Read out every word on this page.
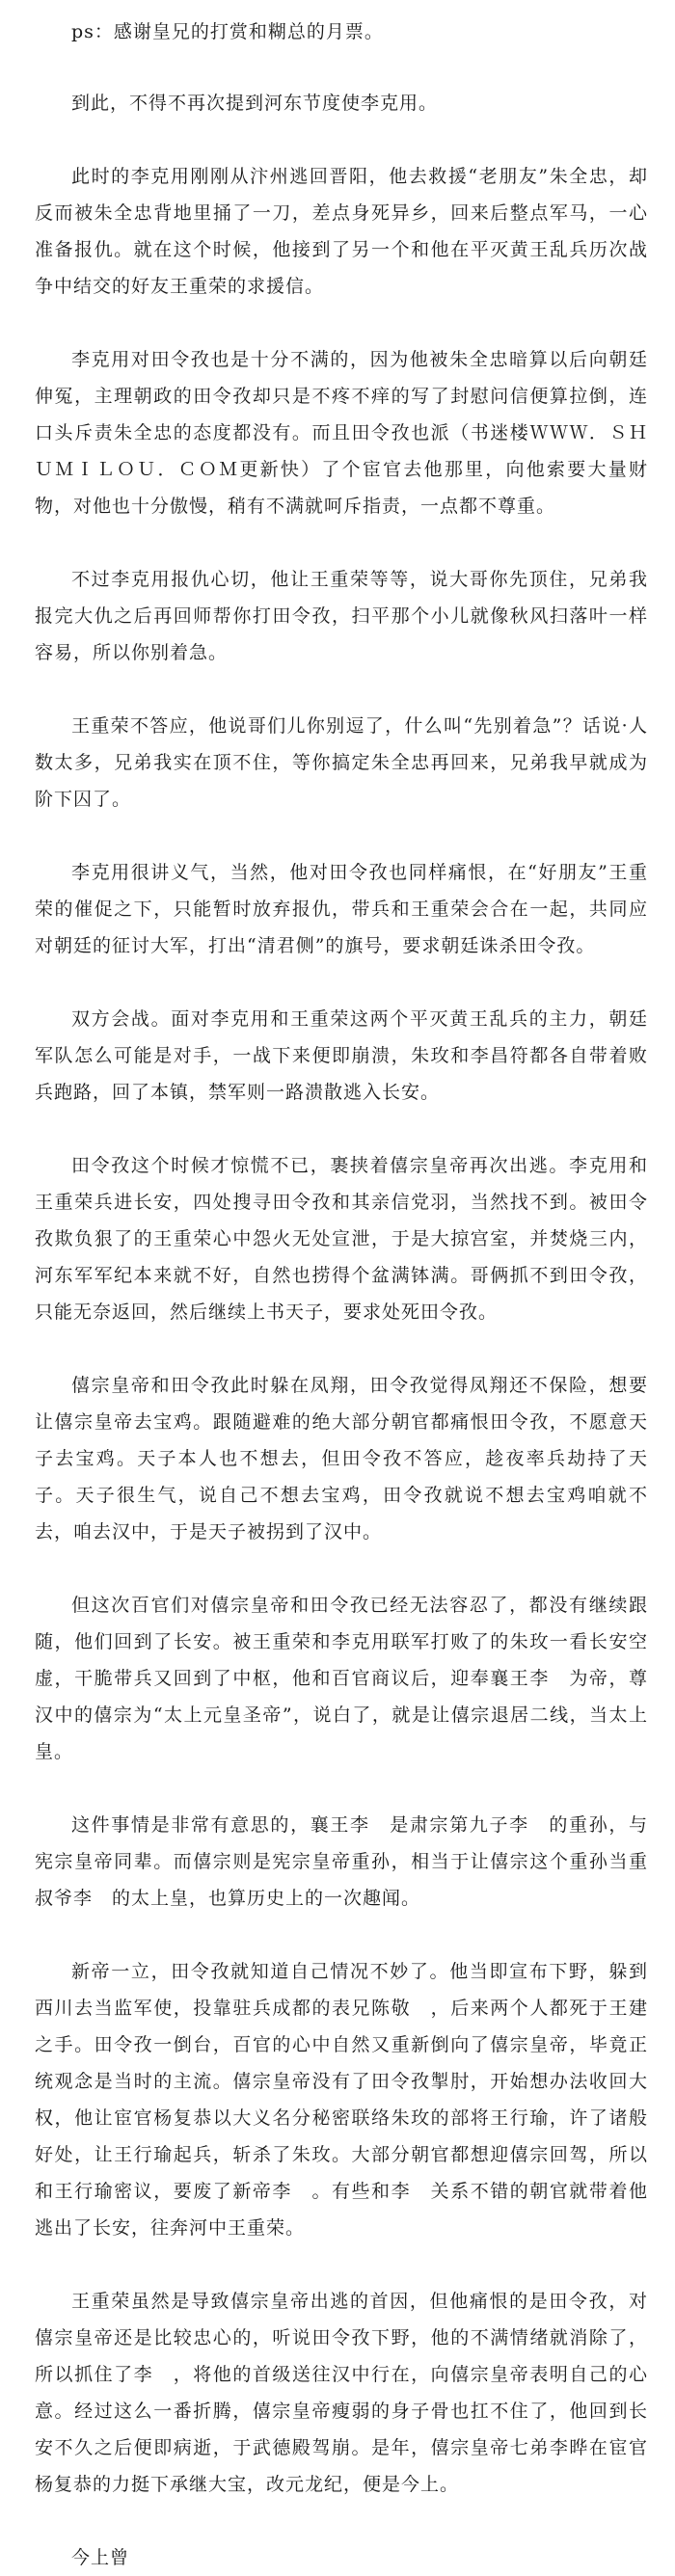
ps：感谢皇兄的打赏和糊总的月票。

到此，不得不再次提到河东节度使李克用。

此时的李克用刚刚从汴州逃回晋阳，他去救援“老朋友”朱全忠，却反而被朱全忠背地里捅了一刀，差点身死异乡，回来后整点军马，一心准备报仇。就在这个时候，他接到了另一个和他在平灭黄王乱兵历次战争中结交的好友王重荣的求援信。

李克用对田令孜也是十分不满的，因为他被朱全忠暗算以后向朝廷伸冤，主理朝政的田令孜却只是不疼不痒的写了封慰问信便算拉倒，连口头斥责朱全忠的态度都没有。而且田令孜也派（书迷楼ＷＷＷ．ＳＨＵＭＩＬＯＵ．ＣＯＭ更新快）了个宦官去他那里，向他索要大量财物，对他也十分傲慢，稍有不满就呵斥指责，一点都不尊重。

不过李克用报仇心切，他让王重荣等等，说大哥你先顶住，兄弟我报完大仇之后再回师帮你打田令孜，扫平那个小儿就像秋风扫落叶一样容易，所以你别着急。

王重荣不答应，他说哥们儿你别逗了，什么叫“先别着急”？话说·人数太多，兄弟我实在顶不住，等你搞定朱全忠再回来，兄弟我早就成为阶下囚了。

李克用很讲义气，当然，他对田令孜也同样痛恨，在“好朋友”王重荣的催促之下，只能暂时放弃报仇，带兵和王重荣会合在一起，共同应对朝廷的征讨大军，打出“清君侧”的旗号，要求朝廷诛杀田令孜。

双方会战。面对李克用和王重荣这两个平灭黄王乱兵的主力，朝廷军队怎么可能是对手，一战下来便即崩溃，朱玫和李昌符都各自带着败兵跑路，回了本镇，禁军则一路溃散逃入长安。

田令孜这个时候才惊慌不已，裹挟着僖宗皇帝再次出逃。李克用和王重荣兵进长安，四处搜寻田令孜和其亲信党羽，当然找不到。被田令孜欺负狠了的王重荣心中怨火无处宣泄，于是大掠宫室，并焚烧三内，河东军军纪本来就不好，自然也捞得个盆满钵满。哥俩抓不到田令孜，只能无奈返回，然后继续上书天子，要求处死田令孜。

僖宗皇帝和田令孜此时躲在凤翔，田令孜觉得凤翔还不保险，想要让僖宗皇帝去宝鸡。跟随避难的绝大部分朝官都痛恨田令孜，不愿意天子去宝鸡。天子本人也不想去，但田令孜不答应，趁夜率兵劫持了天子。天子很生气，说自己不想去宝鸡，田令孜就说不想去宝鸡咱就不去，咱去汉中，于是天子被拐到了汉中。

但这次百官们对僖宗皇帝和田令孜已经无法容忍了，都没有继续跟随，他们回到了长安。被王重荣和李克用联军打败了的朱玫一看长安空虚，干脆带兵又回到了中枢，他和百官商议后，迎奉襄王李　为帝，尊汉中的僖宗为“太上元皇圣帝”，说白了，就是让僖宗退居二线，当太上皇。

这件事情是非常有意思的，襄王李　是肃宗第九子李　的重孙，与宪宗皇帝同辈。而僖宗则是宪宗皇帝重孙，相当于让僖宗这个重孙当重叔爷李　的太上皇，也算历史上的一次趣闻。

新帝一立，田令孜就知道自己情况不妙了。他当即宣布下野，躲到西川去当监军使，投靠驻兵成都的表兄陈敬　，后来两个人都死于王建之手。田令孜一倒台，百官的心中自然又重新倒向了僖宗皇帝，毕竟正统观念是当时的主流。僖宗皇帝没有了田令孜掣肘，开始想办法收回大权，他让宦官杨复恭以大义名分秘密联络朱玫的部将王行瑜，许了诸般好处，让王行瑜起兵，斩杀了朱玫。大部分朝官都想迎僖宗回驾，所以和王行瑜密议，要废了新帝李　。有些和李　关系不错的朝官就带着他逃出了长安，往奔河中王重荣。

王重荣虽然是导致僖宗皇帝出逃的首因，但他痛恨的是田令孜，对僖宗皇帝还是比较忠心的，听说田令孜下野，他的不满情绪就消除了，所以抓住了李　，将他的首级送往汉中行在，向僖宗皇帝表明自己的心意。经过这么一番折腾，僖宗皇帝瘦弱的身子骨也扛不住了，他回到长安不久之后便即病逝，于武德殿驾崩。是年，僖宗皇帝七弟李晔在宦官杨复恭的力挺下承继大宝，改元龙纪，便是今上。

今上曾
